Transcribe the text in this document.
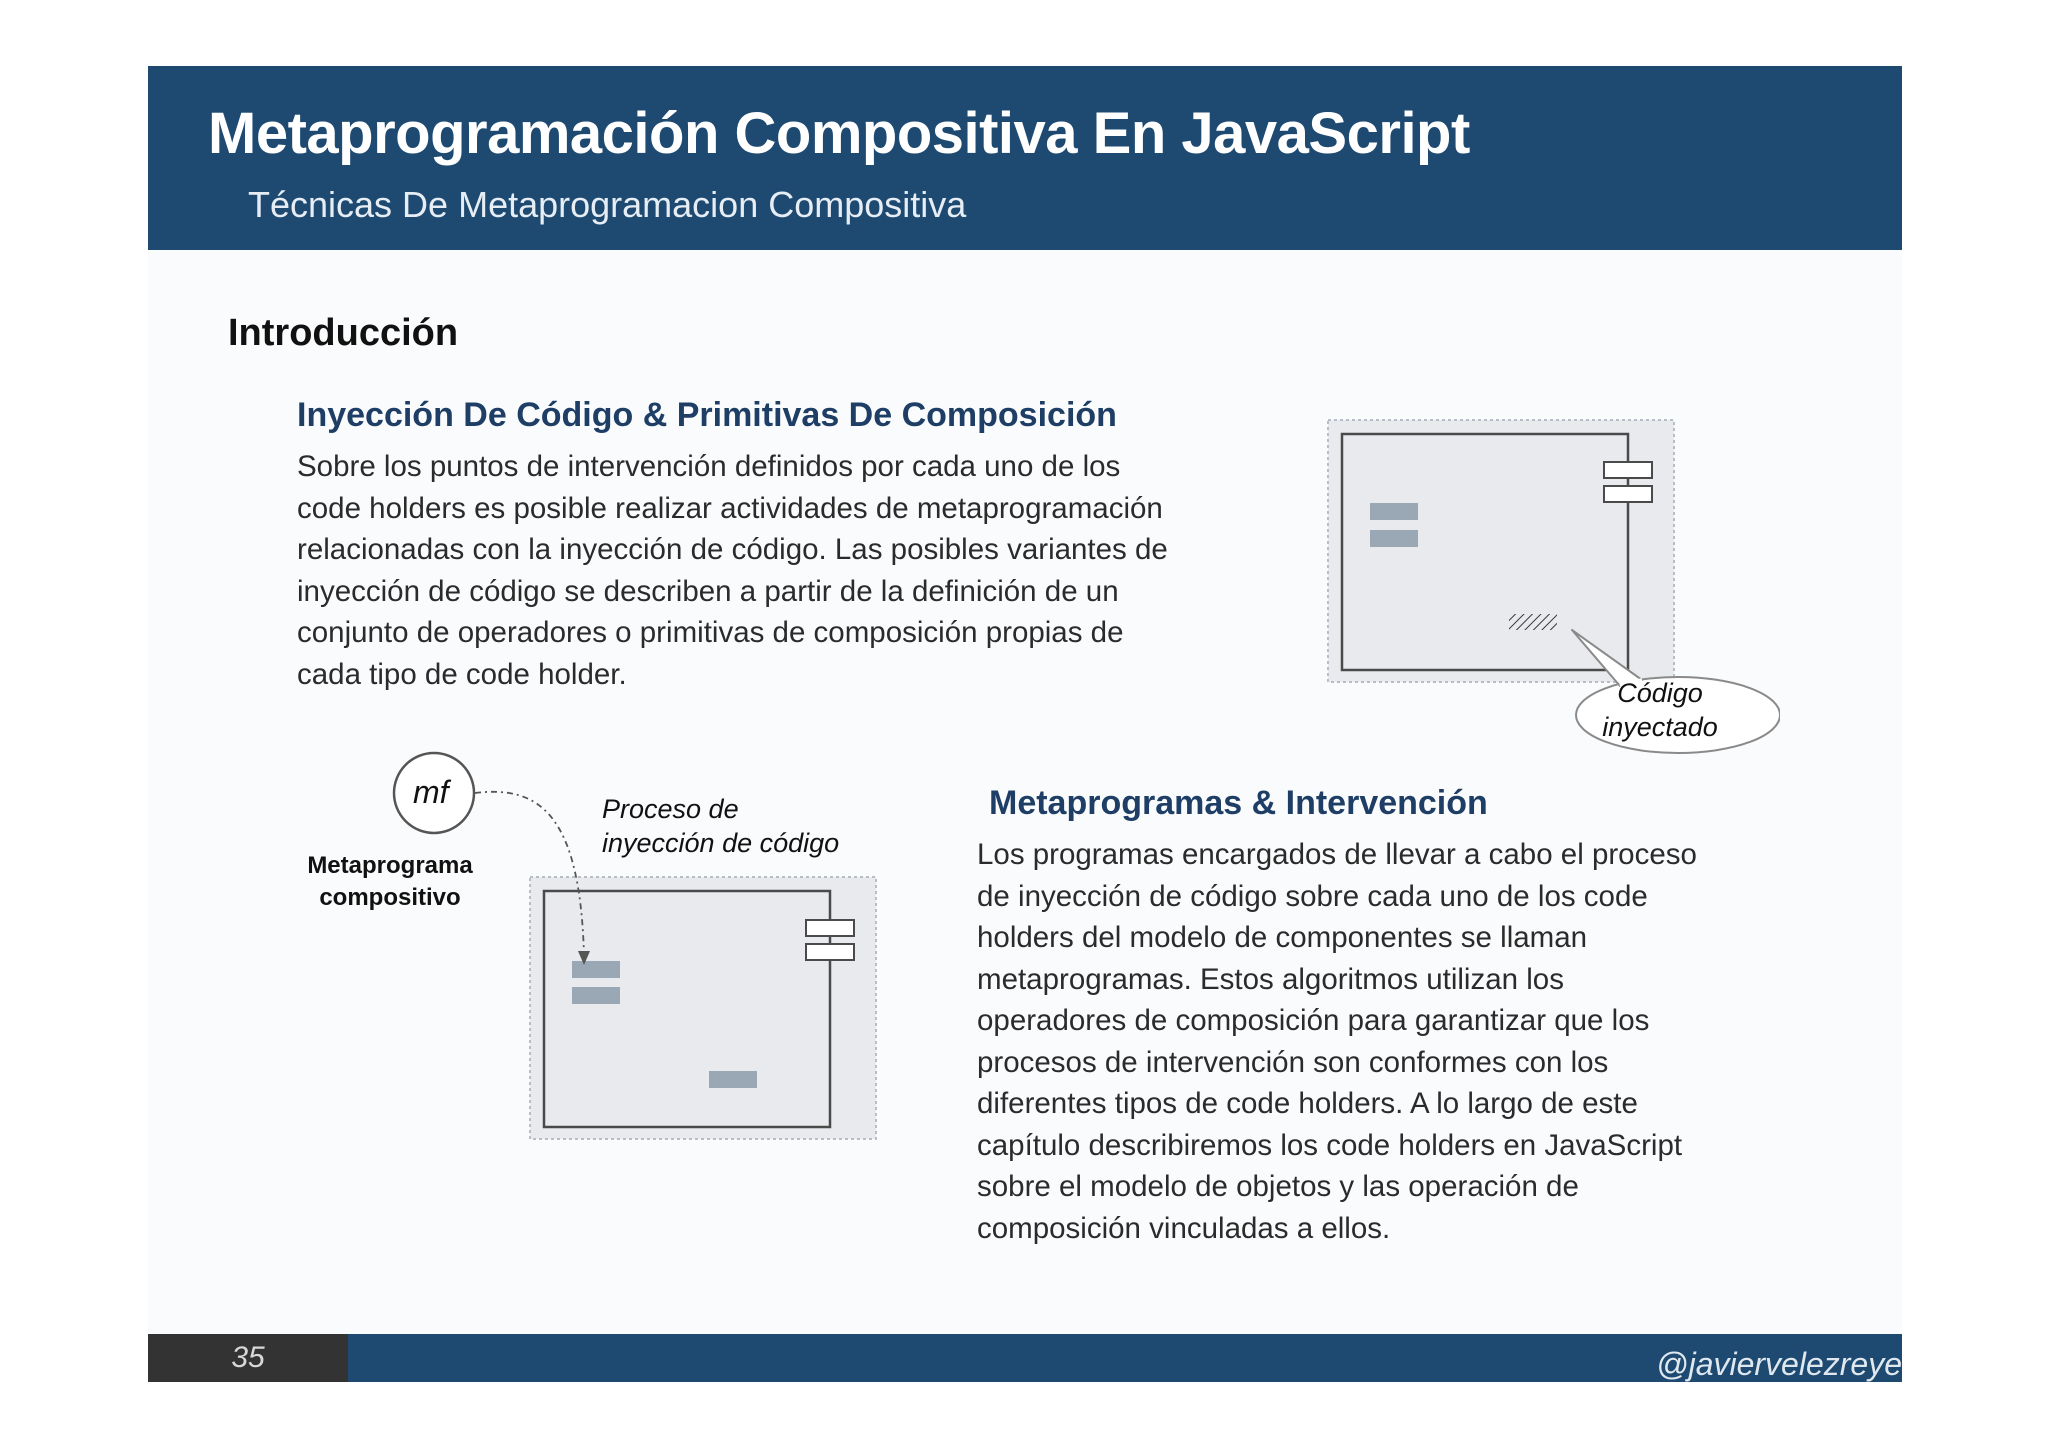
Metaprogramación Compositiva En JavaScript
Técnicas De Metaprogramacion Compositiva
Introducción
Inyección De Código & Primitivas De Composición
Sobre los puntos de intervención definidos por cada uno de los
code holders es posible realizar actividades de metaprogramación
relacionadas con la inyección de código. Las posibles variantes de
inyección de código se describen a partir de la definición de un
conjunto de operadores o primitivas de composición propias de
cada tipo de code holder.
Código
inyectado
mf
Metaprograma
compositivo
Proceso de
inyección de código
Metaprogramas & Intervención
Los programas encargados de llevar a cabo el proceso
de inyección de código sobre cada uno de los code
holders del modelo de componentes se llaman
metaprogramas. Estos algoritmos utilizan los
operadores de composición para garantizar que los
procesos de intervención son conformes con los
diferentes tipos de code holders. A lo largo de este
capítulo describiremos los code holders en JavaScript
sobre el modelo de objetos y las operación de
composición vinculadas a ellos.
35	@javiervelezreye
